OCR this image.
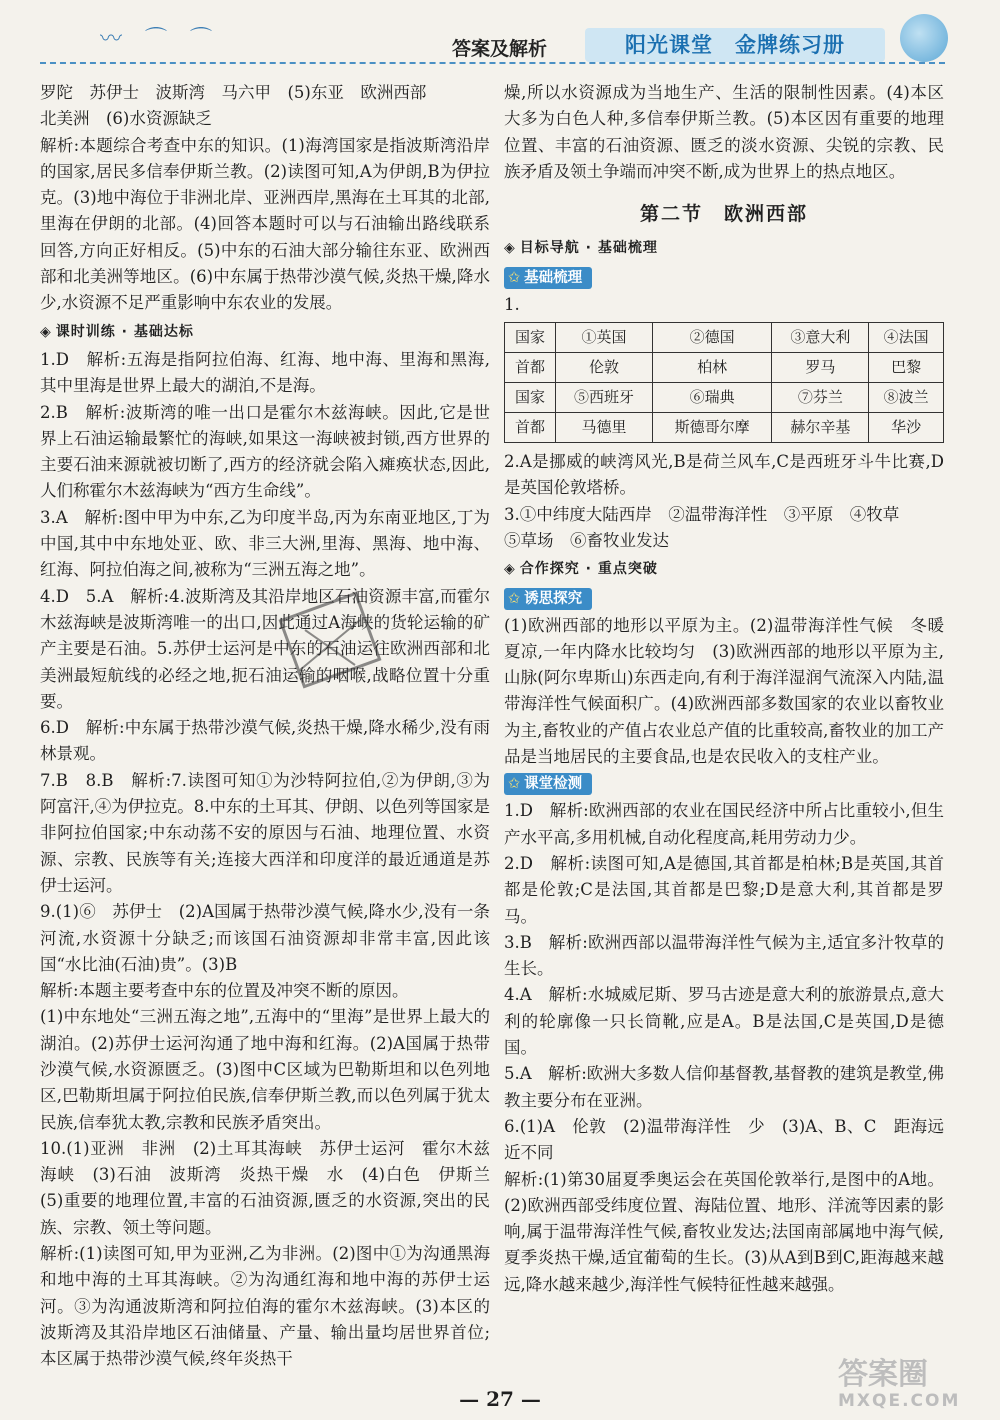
〰 ⌒ ⌒	答案及解析	阳光课堂　金牌练习册

罗陀　苏伊士　波斯湾　马六甲　(5)东亚　欧洲西部

北美洲　(6)水资源缺乏

解析:本题综合考查中东的知识。(1)海湾国家是指波斯湾沿岸的国家,居民多信奉伊斯兰教。(2)读图可知,A为伊朗,B为伊拉克。(3)地中海位于非洲北岸、亚洲西岸,黑海在土耳其的北部,里海在伊朗的北部。(4)回答本题时可以与石油输出路线联系回答,方向正好相反。(5)中东的石油大部分输往东亚、欧洲西部和北美洲等地区。(6)中东属于热带沙漠气候,炎热干燥,降水少,水资源不足严重影响中东农业的发展。

◈ 课时训练 · 基础达标

1.D　解析:五海是指阿拉伯海、红海、地中海、里海和黑海,其中里海是世界上最大的湖泊,不是海。

2.B　解析:波斯湾的唯一出口是霍尔木兹海峡。因此,它是世界上石油运输最繁忙的海峡,如果这一海峡被封锁,西方世界的主要石油来源就被切断了,西方的经济就会陷入瘫痪状态,因此,人们称霍尔木兹海峡为“西方生命线”。

3.A　解析:图中甲为中东,乙为印度半岛,丙为东南亚地区,丁为中国,其中中东地处亚、欧、非三大洲,里海、黑海、地中海、红海、阿拉伯海之间,被称为“三洲五海之地”。

4.D　5.A　解析:4.波斯湾及其沿岸地区石油资源丰富,而霍尔木兹海峡是波斯湾唯一的出口,因此通过A海峡的货轮运输的矿产主要是石油。5.苏伊士运河是中东的石油运往欧洲西部和北美洲最短航线的必经之地,扼石油运输的咽喉,战略位置十分重要。

6.D　解析:中东属于热带沙漠气候,炎热干燥,降水稀少,没有雨林景观。

7.B　8.B　解析:7.读图可知①为沙特阿拉伯,②为伊朗,③为阿富汗,④为伊拉克。8.中东的土耳其、伊朗、以色列等国家是非阿拉伯国家;中东动荡不安的原因与石油、地理位置、水资源、宗教、民族等有关;连接大西洋和印度洋的最近通道是苏伊士运河。

9.(1)⑥　苏伊士　(2)A国属于热带沙漠气候,降水少,没有一条河流,水资源十分缺乏;而该国石油资源却非常丰富,因此该国“水比油(石油)贵”。(3)B

解析:本题主要考查中东的位置及冲突不断的原因。

(1)中东地处“三洲五海之地”,五海中的“里海”是世界上最大的湖泊。(2)苏伊士运河沟通了地中海和红海。(2)A国属于热带沙漠气候,水资源匮乏。(3)图中C区域为巴勒斯坦和以色列地区,巴勒斯坦属于阿拉伯民族,信奉伊斯兰教,而以色列属于犹太民族,信奉犹太教,宗教和民族矛盾突出。

10.(1)亚洲　非洲　(2)土耳其海峡　苏伊士运河　霍尔木兹海峡　(3)石油　波斯湾　炎热干燥　水　(4)白色　伊斯兰　(5)重要的地理位置,丰富的石油资源,匮乏的水资源,突出的民族、宗教、领土等问题。

解析:(1)读图可知,甲为亚洲,乙为非洲。(2)图中①为沟通黑海和地中海的土耳其海峡。②为沟通红海和地中海的苏伊士运河。③为沟通波斯湾和阿拉伯海的霍尔木兹海峡。(3)本区的波斯湾及其沿岸地区石油储量、产量、输出量均居世界首位;本区属于热带沙漠气候,终年炎热干

燥,所以水资源成为当地生产、生活的限制性因素。(4)本区大多为白色人种,多信奉伊斯兰教。(5)本区因有重要的地理位置、丰富的石油资源、匮乏的淡水资源、尖锐的宗教、民族矛盾及领土争端而冲突不断,成为世界上的热点地区。

第二节　欧洲西部
◈ 目标导航 · 基础梳理
✩ 基础梳理
1.
国家	①英国	②德国	③意大利	④法国
首都	伦敦	柏林	罗马	巴黎
国家	⑤西班牙	⑥瑞典	⑦芬兰	⑧波兰
首都	马德里	斯德哥尔摩	赫尔辛基	华沙

2.A是挪威的峡湾风光,B是荷兰风车,C是西班牙斗牛比赛,D是英国伦敦塔桥。

3.①中纬度大陆西岸　②温带海洋性　③平原　④牧草

⑤草场　⑥畜牧业发达

◈ 合作探究 · 重点突破
✩ 诱思探究

(1)欧洲西部的地形以平原为主。(2)温带海洋性气候　冬暖夏凉,一年内降水比较均匀　(3)欧洲西部的地形以平原为主,山脉(阿尔卑斯山)东西走向,有利于海洋湿润气流深入内陆,温带海洋性气候面积广。(4)欧洲西部多数国家的农业以畜牧业为主,畜牧业的产值占农业总产值的比重较高,畜牧业的加工产品是当地居民的主要食品,也是农民收入的支柱产业。

✩ 课堂检测

1.D　解析:欧洲西部的农业在国民经济中所占比重较小,但生产水平高,多用机械,自动化程度高,耗用劳动力少。

2.D　解析:读图可知,A是德国,其首都是柏林;B是英国,其首都是伦敦;C是法国,其首都是巴黎;D是意大利,其首都是罗马。

3.B　解析:欧洲西部以温带海洋性气候为主,适宜多汁牧草的生长。

4.A　解析:水城威尼斯、罗马古迹是意大利的旅游景点,意大利的轮廓像一只长筒靴,应是A。B是法国,C是英国,D是德国。

5.A　解析:欧洲大多数人信仰基督教,基督教的建筑是教堂,佛教主要分布在亚洲。

6.(1)A　伦敦　(2)温带海洋性　少　(3)A、B、C　距海远近不同

解析:(1)第30届夏季奥运会在英国伦敦举行,是图中的A地。(2)欧洲西部受纬度位置、海陆位置、地形、洋流等因素的影响,属于温带海洋性气候,畜牧业发达;法国南部属地中海气候,夏季炎热干燥,适宜葡萄的生长。(3)从A到B到C,距海越来越远,降水越来越少,海洋性气候特征性越来越强。

— 27 —
答案圈
MXQE.COM
